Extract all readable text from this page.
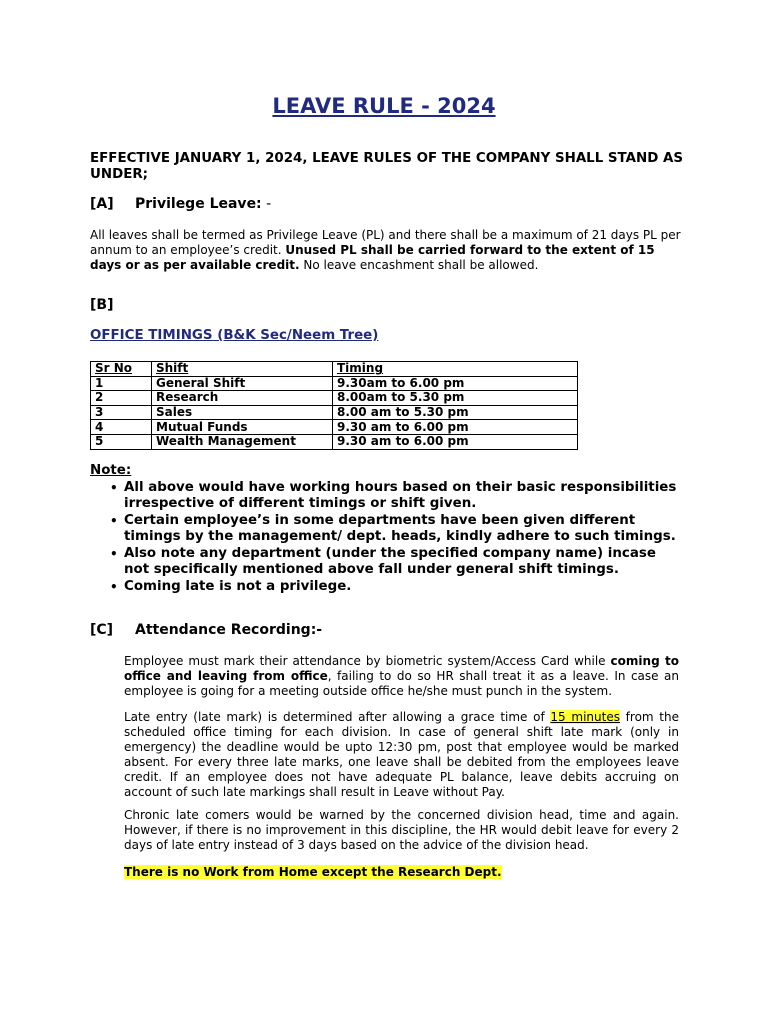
LEAVE RULE - 2024
EFFECTIVE JANUARY 1, 2024, LEAVE RULES OF THE COMPANY SHALL STAND AS UNDER;
[A] Privilege Leave: -
All leaves shall be termed as Privilege Leave (PL) and there shall be a maximum of 21 days PL per annum to an employee’s credit. Unused PL shall be carried forward to the extent of 15 days or as per available credit. No leave encashment shall be allowed.
[B]
OFFICE TIMINGS (B&K Sec/Neem Tree)
Sr No	Shift	Timing
1	General Shift	9.30am to 6.00 pm
2	Research	8.00am to 5.30 pm
3	Sales	8.00 am to 5.30 pm
4	Mutual Funds	9.30 am to 6.00 pm
5	Wealth Management	9.30 am to 6.00 pm
Note:
• All above would have working hours based on their basic responsibilities irrespective of different timings or shift given.
• Certain employee’s in some departments have been given different timings by the management/ dept. heads, kindly adhere to such timings.
• Also note any department (under the specified company name) incase not specifically mentioned above fall under general shift timings.
• Coming late is not a privilege.
[C] Attendance Recording:-
Employee must mark their attendance by biometric system/Access Card while coming to office and leaving from office, failing to do so HR shall treat it as a leave. In case an employee is going for a meeting outside office he/she must punch in the system.
Late entry (late mark) is determined after allowing a grace time of 15 minutes from the scheduled office timing for each division. In case of general shift late mark (only in emergency) the deadline would be upto 12:30 pm, post that employee would be marked absent. For every three late marks, one leave shall be debited from the employees leave credit. If an employee does not have adequate PL balance, leave debits accruing on account of such late markings shall result in Leave without Pay.
Chronic late comers would be warned by the concerned division head, time and again. However, if there is no improvement in this discipline, the HR would debit leave for every 2 days of late entry instead of 3 days based on the advice of the division head.
There is no Work from Home except the Research Dept.
